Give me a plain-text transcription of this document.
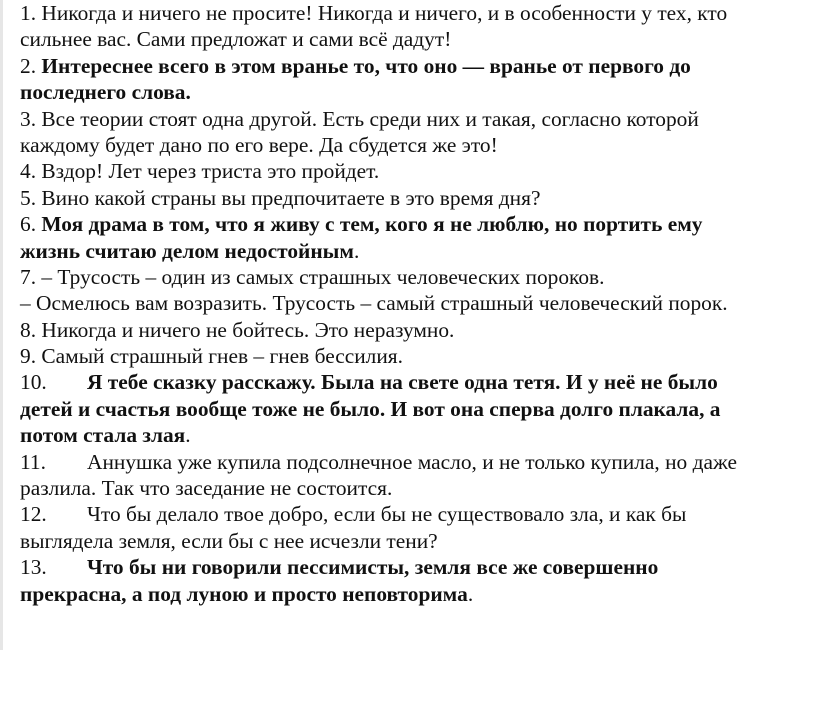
1. Никогда и ничего не просите! Никогда и ничего, и в особенности у тех, кто
сильнее вас. Сами предложат и сами всё дадут!
2. Интереснее всего в этом вранье то, что оно — вранье от первого до
последнего слова.
3. Все теории стоят одна другой. Есть среди них и такая, согласно которой
каждому будет дано по его вере. Да сбудется же это!
4. Вздор! Лет через триста это пройдет.
5. Вино какой страны вы предпочитаете в это время дня?
6. Моя драма в том, что я живу с тем, кого я не люблю, но портить ему
жизнь считаю делом недостойным.
7. – Трусость – один из самых страшных человеческих пороков.
– Осмелюсь вам возразить. Трусость – самый страшный человеческий порок.
8. Никогда и ничего не бойтесь. Это неразумно.
9. Самый страшный гнев – гнев бессилия.
10. Я тебе сказку расскажу. Была на свете одна тетя. И у неё не было
детей и счастья вообще тоже не было. И вот она сперва долго плакала, а
потом стала злая.
11. Аннушка уже купила подсолнечное масло, и не только купила, но даже
разлила. Так что заседание не состоится.
12. Что бы делало твое добро, если бы не существовало зла, и как бы
выглядела земля, если бы с нее исчезли тени?
13. Что бы ни говорили пессимисты, земля все же совершенно
прекрасна, а под луною и просто неповторима.
